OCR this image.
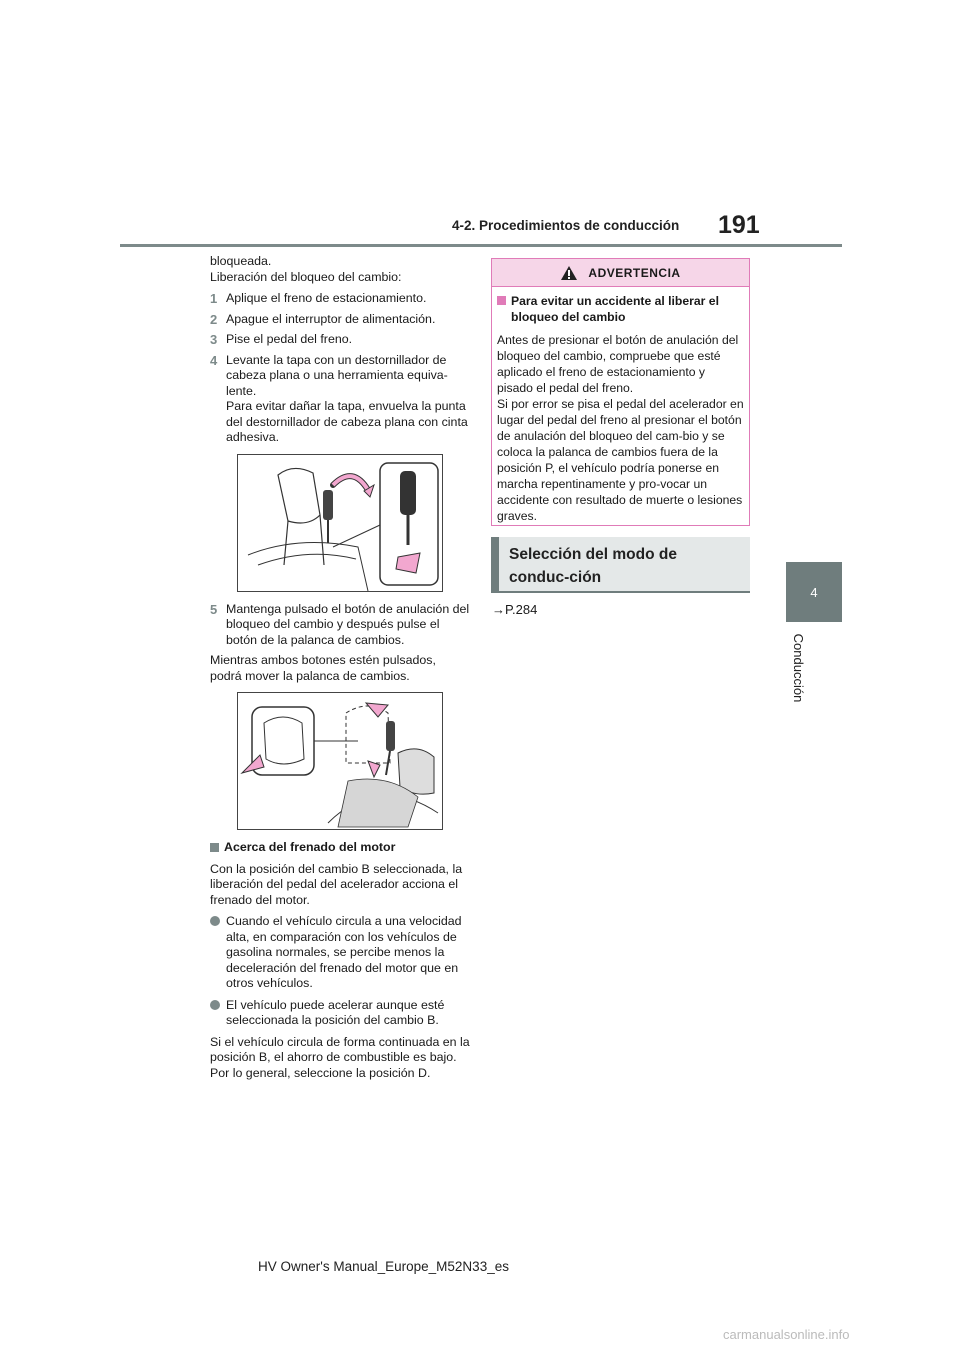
4-2. Procedimientos de conducción 191
4
Conducción

bloqueada.
Liberación del bloqueo del cambio:

1 Aplique el freno de estacionamiento.
2 Apague el interruptor de alimentación.
3 Pise el pedal del freno.
4 Levante la tapa con un destornillador de cabeza plana o una herramienta equiva-lente.
Para evitar dañar la tapa, envuelva la punta del destornillador de cabeza plana con cinta adhesiva.
5 Mantenga pulsado el botón de anulación del bloqueo del cambio y después pulse el botón de la palanca de cambios.

Mientras ambos botones estén pulsados, podrá mover la palanca de cambios.

Acerca del frenado del motor

Con la posición del cambio B seleccionada, la liberación del pedal del acelerador acciona el frenado del motor.

Cuando el vehículo circula a una velocidad alta, en comparación con los vehículos de gasolina normales, se percibe menos la deceleración del frenado del motor que en otros vehículos.
El vehículo puede acelerar aunque esté seleccionada la posición del cambio B.

Si el vehículo circula de forma continuada en la posición B, el ahorro de combustible es bajo. Por lo general, seleccione la posición D.

ADVERTENCIA
Para evitar un accidente al liberar el bloqueo del cambio

Antes de presionar el botón de anulación del bloqueo del cambio, compruebe que esté aplicado el freno de estacionamiento y pisado el pedal del freno.
Si por error se pisa el pedal del acelerador en lugar del pedal del freno al presionar el botón de anulación del bloqueo del cam-bio y se coloca la palanca de cambios fuera de la posición P, el vehículo podría ponerse en marcha repentinamente y pro-vocar un accidente con resultado de muerte o lesiones graves.

Selección del modo de conduc-ción
→P.284
HV Owner's Manual_Europe_M52N33_es
carmanualsonline.info
